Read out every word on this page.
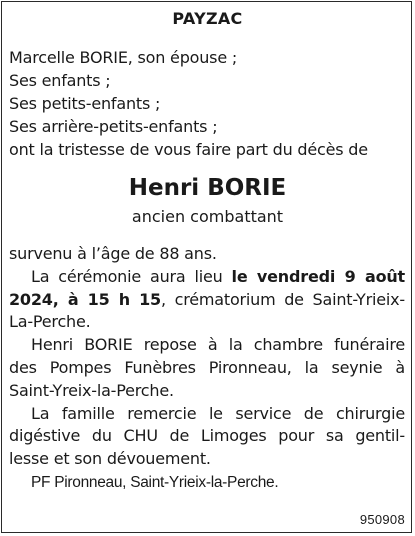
PAYZAC
Marcelle BORIE, son épouse ;
Ses enfants ;
Ses petits-enfants ;
Ses arrière-petits-enfants ;
ont la tristesse de vous faire part du décès de
Henri BORIE
ancien combattant
survenu à l’âge de 88 ans.
La cérémonie aura lieu le vendredi 9 août
2024, à 15 h 15, crématorium de Saint-Yrieix-
La-Perche.
Henri BORIE repose à la chambre funéraire
des Pompes Funèbres Pironneau, la seynie à
Saint-Yreix-la-Perche.
La famille remercie le service de chirurgie
digéstive du CHU de Limoges pour sa gentil-
lesse et son dévouement.
PF Pironneau, Saint-Yrieix-la-Perche.
950908
